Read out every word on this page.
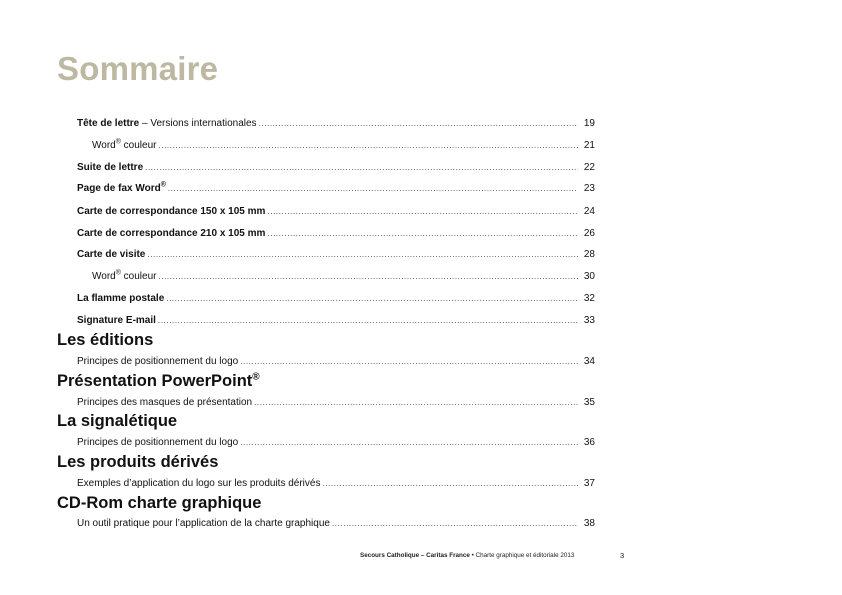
Sommaire
Tête de lettre – Versions internationales .....	19
Word® couleur .....	21
Suite de lettre .....	22
Page de fax Word® .....	23
Carte de correspondance 150 x 105 mm .....	24
Carte de correspondance 210 x 105 mm .....	26
Carte de visite .....	28
Word® couleur .....	30
La flamme postale .....	32
Signature E-mail .....	33
Les éditions
Principes de positionnement du logo .....	34
Présentation PowerPoint®
Principes des masques de présentation .....	35
La signalétique
Principes de positionnement du logo .....	36
Les produits dérivés
Exemples d’application du logo sur les produits dérivés .....	37
CD-Rom charte graphique
Un outil pratique pour l’application de la charte graphique .....	38
Secours Catholique – Caritas France • Charte graphique et éditoriale 2013	3
